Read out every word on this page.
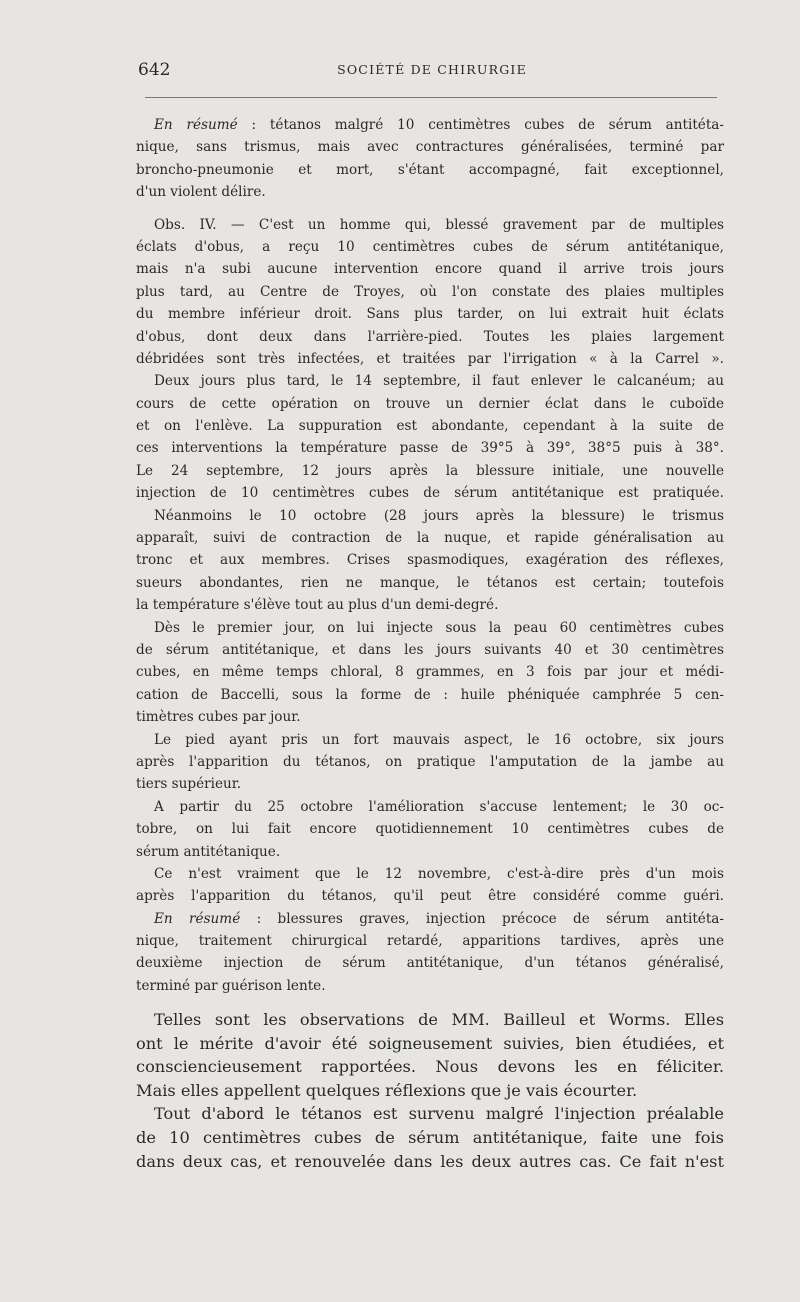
642	SOCIÉTÉ DE CHIRURGIE
En résumé : tétanos malgré 10 centimètres cubes de sérum antitéta-
nique, sans trismus, mais avec contractures généralisées, terminé par
broncho-pneumonie et mort, s'étant accompagné, fait exceptionnel,
d'un violent délire.
Obs. IV. — C'est un homme qui, blessé gravement par de multiples
éclats d'obus, a reçu 10 centimètres cubes de sérum antitétanique,
mais n'a subi aucune intervention encore quand il arrive trois jours
plus tard, au Centre de Troyes, où l'on constate des plaies multiples
du membre inférieur droit. Sans plus tarder, on lui extrait huit éclats
d'obus, dont deux dans l'arrière-pied. Toutes les plaies largement
débridées sont très infectées, et traitées par l'irrigation « à la Carrel ».
Deux jours plus tard, le 14 septembre, il faut enlever le calcanéum; au
cours de cette opération on trouve un dernier éclat dans le cuboïde
et on l'enlève. La suppuration est abondante, cependant à la suite de
ces interventions la température passe de 39°5 à 39°, 38°5 puis à 38°.
Le 24 septembre, 12 jours après la blessure initiale, une nouvelle
injection de 10 centimètres cubes de sérum antitétanique est pratiquée.
Néanmoins le 10 octobre (28 jours après la blessure) le trismus
apparaît, suivi de contraction de la nuque, et rapide généralisation au
tronc et aux membres. Crises spasmodiques, exagération des réflexes,
sueurs abondantes, rien ne manque, le tétanos est certain; toutefois
la température s'élève tout au plus d'un demi-degré.
Dès le premier jour, on lui injecte sous la peau 60 centimètres cubes
de sérum antitétanique, et dans les jours suivants 40 et 30 centimètres
cubes, en même temps chloral, 8 grammes, en 3 fois par jour et médi-
cation de Baccelli, sous la forme de : huile phéniquée camphrée 5 cen-
timètres cubes par jour.
Le pied ayant pris un fort mauvais aspect, le 16 octobre, six jours
après l'apparition du tétanos, on pratique l'amputation de la jambe au
tiers supérieur.
A partir du 25 octobre l'amélioration s'accuse lentement; le 30 oc-
tobre, on lui fait encore quotidiennement 10 centimètres cubes de
sérum antitétanique.
Ce n'est vraiment que le 12 novembre, c'est-à-dire près d'un mois
après l'apparition du tétanos, qu'il peut être considéré comme guéri.
En résumé : blessures graves, injection précoce de sérum antitéta-
nique, traitement chirurgical retardé, apparitions tardives, après une
deuxième injection de sérum antitétanique, d'un tétanos généralisé,
terminé par guérison lente.
Telles sont les observations de MM. Bailleul et Worms. Elles
ont le mérite d'avoir été soigneusement suivies, bien étudiées, et
consciencieusement rapportées. Nous devons les en féliciter.
Mais elles appellent quelques réflexions que je vais écourter.
Tout d'abord le tétanos est survenu malgré l'injection préalable
de 10 centimètres cubes de sérum antitétanique, faite une fois
dans deux cas, et renouvelée dans les deux autres cas. Ce fait n'est
